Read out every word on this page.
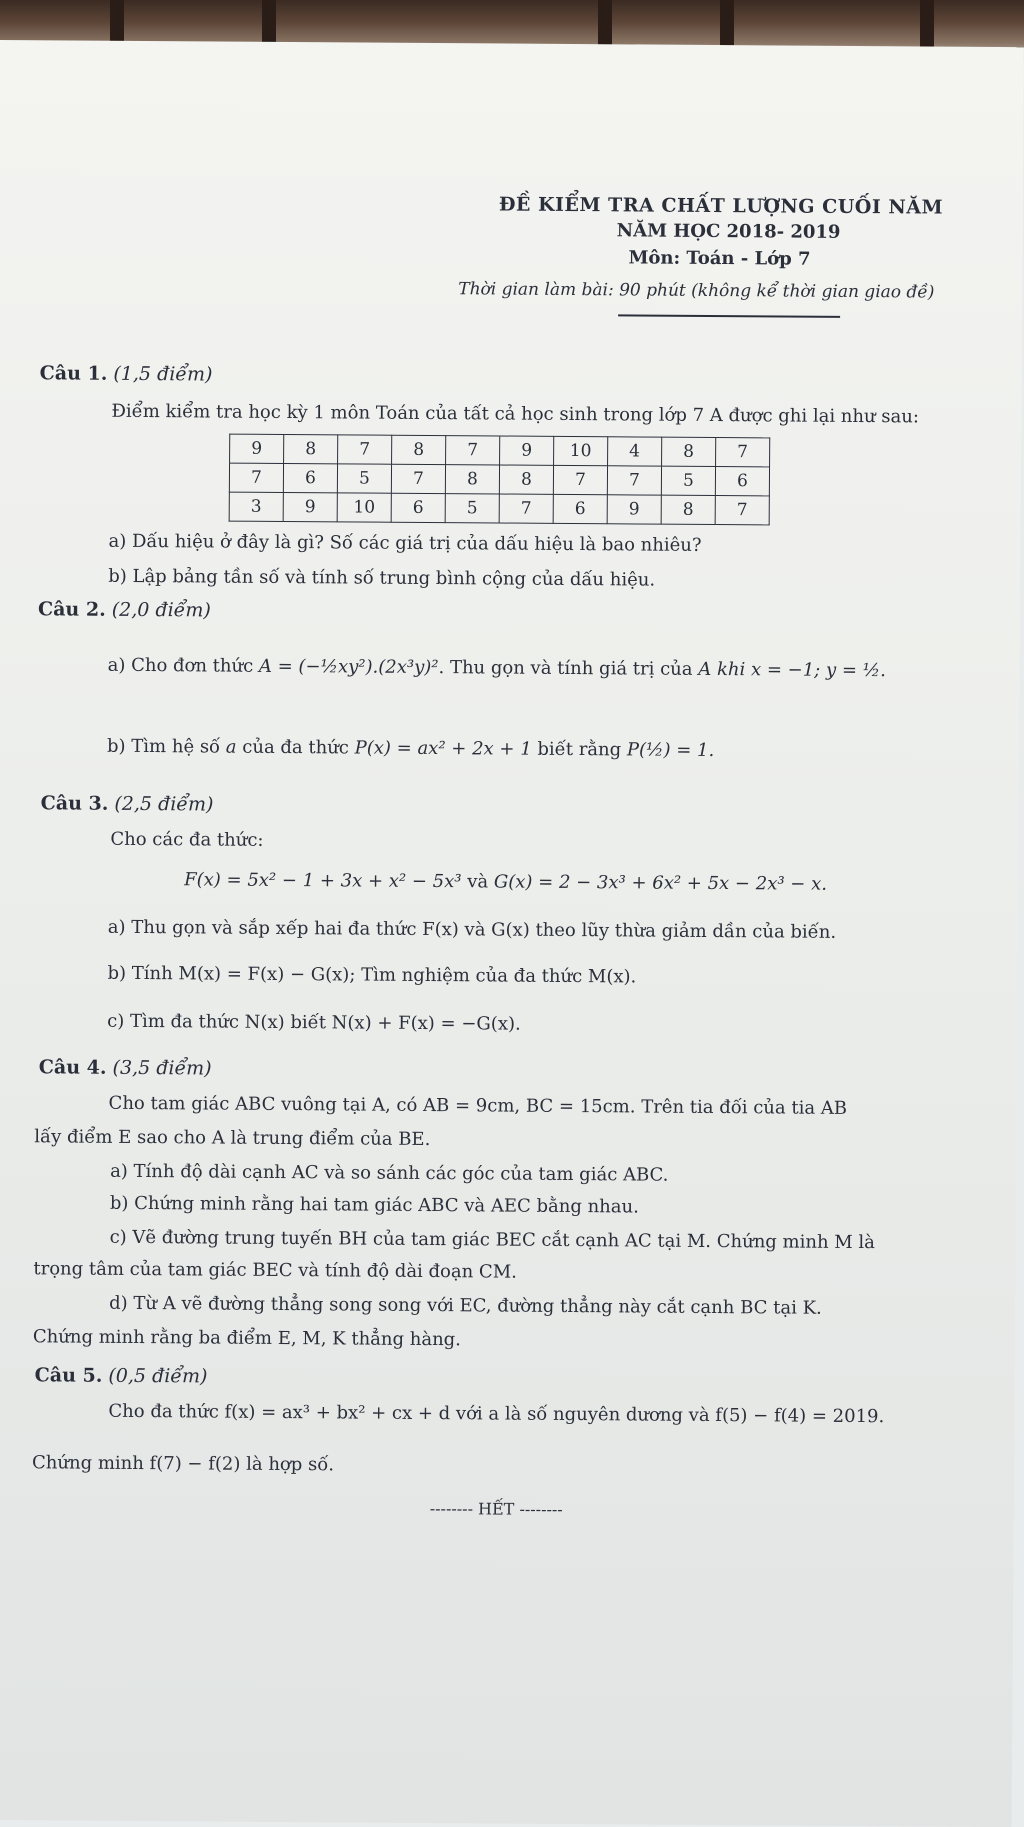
ĐỀ KIỂM TRA CHẤT LƯỢNG CUỐI NĂM
NĂM HỌC 2018- 2019
Môn: Toán - Lớp 7
Thời gian làm bài: 90 phút (không kể thời gian giao đề)
Câu 1. (1,5 điểm)
Điểm kiểm tra học kỳ 1 môn Toán của tất cả học sinh trong lớp 7 A được ghi lại như sau:
9	8	7	8	7	9	10	4	8	7
7	6	5	7	8	8	7	7	5	6
3	9	10	6	5	7	6	9	8	7
a) Dấu hiệu ở đây là gì? Số các giá trị của dấu hiệu là bao nhiêu?
b) Lập bảng tần số và tính số trung bình cộng của dấu hiệu.
Câu 2. (2,0 điểm)
a) Cho đơn thức A = (−½xy²).(2x³y)². Thu gọn và tính giá trị của A khi x = −1; y = ½.
b) Tìm hệ số a của đa thức P(x) = ax² + 2x + 1 biết rằng P(½) = 1.
Câu 3. (2,5 điểm)
Cho các đa thức:
F(x) = 5x² − 1 + 3x + x² − 5x³ và G(x) = 2 − 3x³ + 6x² + 5x − 2x³ − x.
a) Thu gọn và sắp xếp hai đa thức F(x) và G(x) theo lũy thừa giảm dần của biến.
b) Tính M(x) = F(x) − G(x); Tìm nghiệm của đa thức M(x).
c) Tìm đa thức N(x) biết N(x) + F(x) = −G(x).
Câu 4. (3,5 điểm)
Cho tam giác ABC vuông tại A, có AB = 9cm, BC = 15cm. Trên tia đối của tia AB
lấy điểm E sao cho A là trung điểm của BE.
a) Tính độ dài cạnh AC và so sánh các góc của tam giác ABC.
b) Chứng minh rằng hai tam giác ABC và AEC bằng nhau.
c) Vẽ đường trung tuyến BH của tam giác BEC cắt cạnh AC tại M. Chứng minh M là
trọng tâm của tam giác BEC và tính độ dài đoạn CM.
d) Từ A vẽ đường thẳng song song với EC, đường thẳng này cắt cạnh BC tại K.
Chứng minh rằng ba điểm E, M, K thẳng hàng.
Câu 5. (0,5 điểm)
Cho đa thức f(x) = ax³ + bx² + cx + d với a là số nguyên dương và f(5) − f(4) = 2019.
Chứng minh f(7) − f(2) là hợp số.
-------- HẾT --------
